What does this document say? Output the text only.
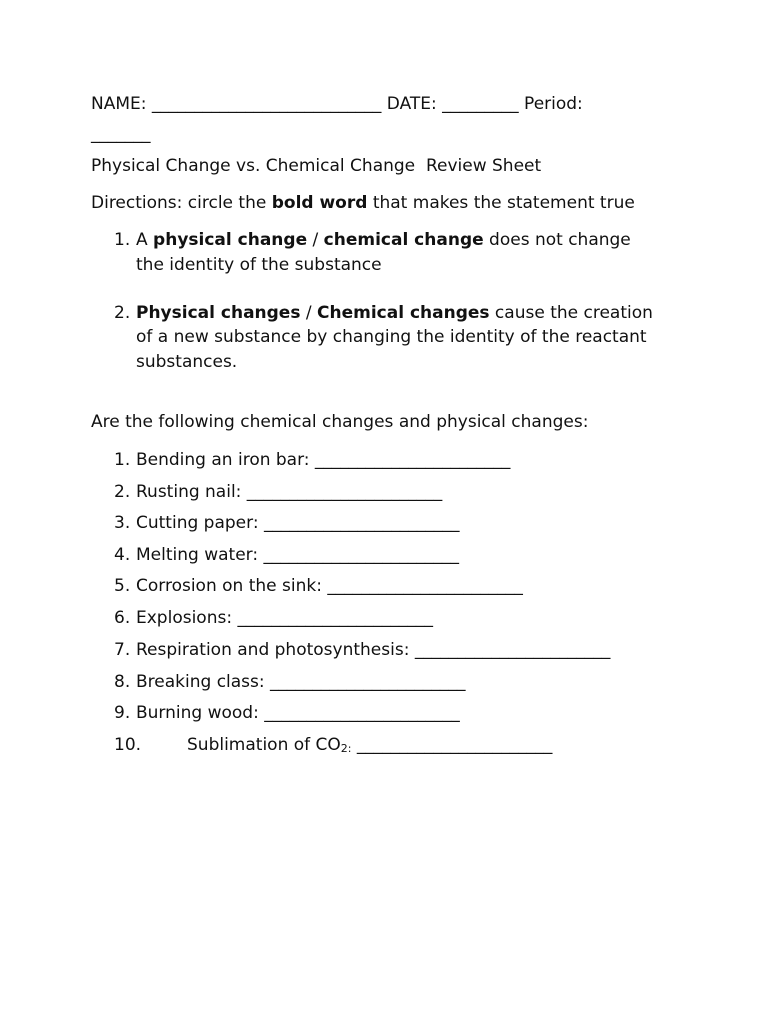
NAME: ___________________________ DATE: _________ Period:
_______
Physical Change vs. Chemical Change  Review Sheet
Directions: circle the bold word that makes the statement true
1. A physical change / chemical change does not change
the identity of the substance
2. Physical changes / Chemical changes cause the creation
of a new substance by changing the identity of the reactant
substances.
Are the following chemical changes and physical changes:
1. Bending an iron bar: _______________________
2. Rusting nail: _______________________
3. Cutting paper: _______________________
4. Melting water: _______________________
5. Corrosion on the sink: _______________________
6. Explosions: _______________________
7. Respiration and photosynthesis: _______________________
8. Breaking class: _______________________
9. Burning wood: _______________________
10.	Sublimation of CO2: _______________________
